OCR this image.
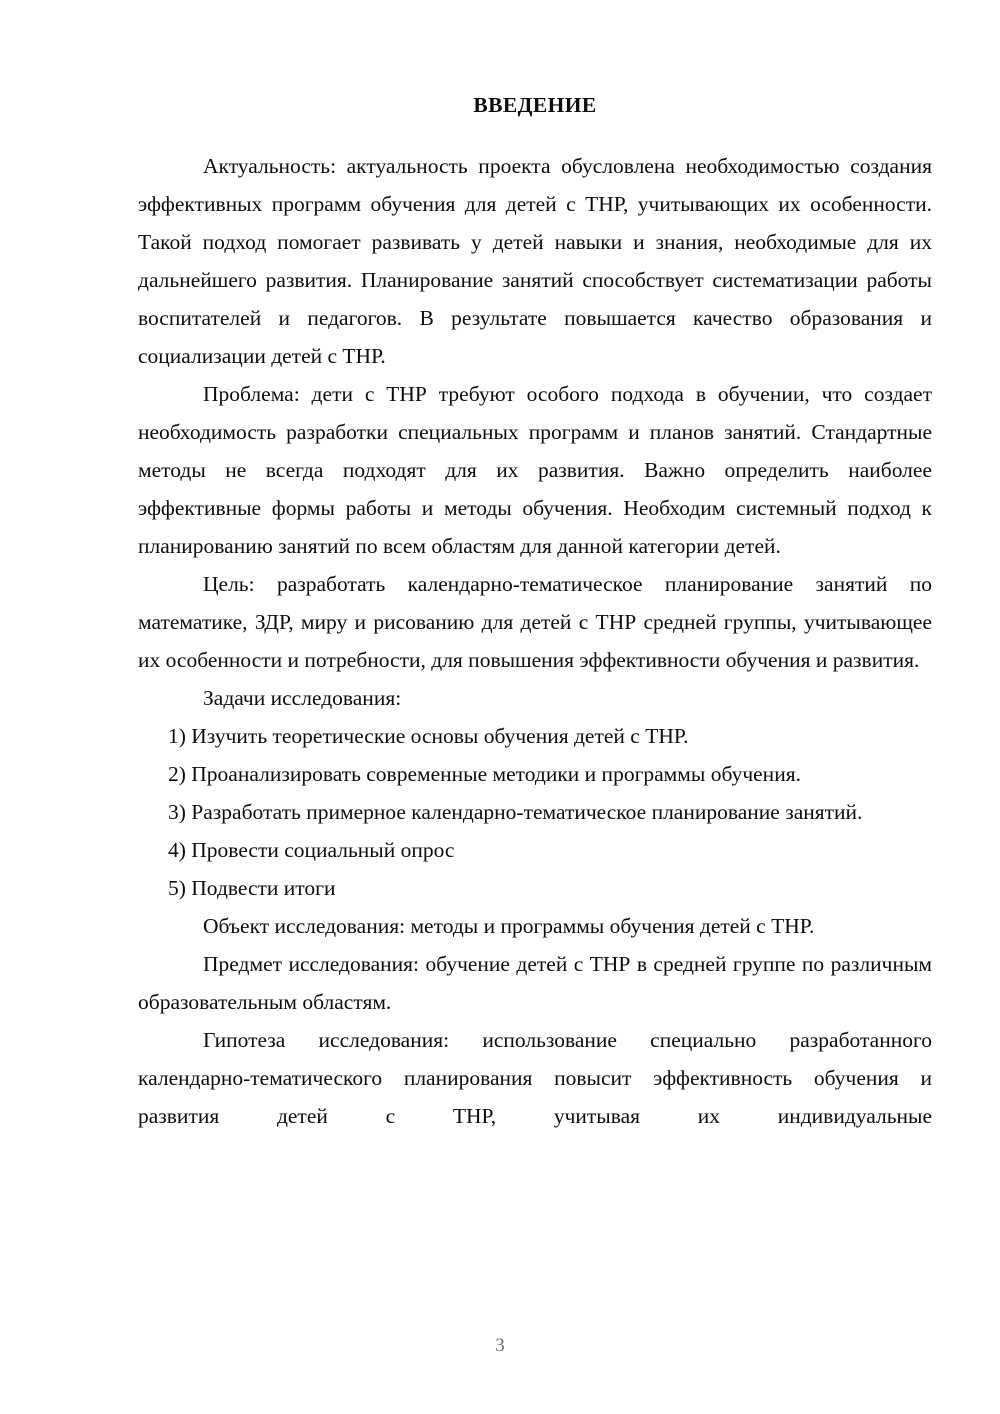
ВВЕДЕНИЕ

Актуальность: актуальность проекта обусловлена необходимостью создания эффективных программ обучения для детей с ТНР, учитывающих их особенности. Такой подход помогает развивать у детей навыки и знания, необходимые для их дальнейшего развития. Планирование занятий способствует систематизации работы воспитателей и педагогов. В результате повышается качество образования и социализации детей с ТНР.

Проблема: дети с ТНР требуют особого подхода в обучении, что создает необходимость разработки специальных программ и планов занятий. Стандартные методы не всегда подходят для их развития. Важно определить наиболее эффективные формы работы и методы обучения. Необходим системный подход к планированию занятий по всем областям для данной категории детей.

Цель: разработать календарно-тематическое планирование занятий по математике, ЗДР, миру и рисованию для детей с ТНР средней группы, учитывающее их особенности и потребности, для повышения эффективности обучения и развития.

Задачи исследования:

1) Изучить теоретические основы обучения детей с ТНР.

2) Проанализировать современные методики и программы обучения.

3) Разработать примерное календарно-тематическое планирование занятий.

4) Провести социальный опрос

5) Подвести итоги

Объект исследования: методы и программы обучения детей с ТНР.

Предмет исследования: обучение детей с ТНР в средней группе по различным образовательным областям.

Гипотеза исследования: использование специально разработанного календарно-тематического планирования повысит эффективность обучения и развития детей с ТНР, учитывая их индивидуальные

3
